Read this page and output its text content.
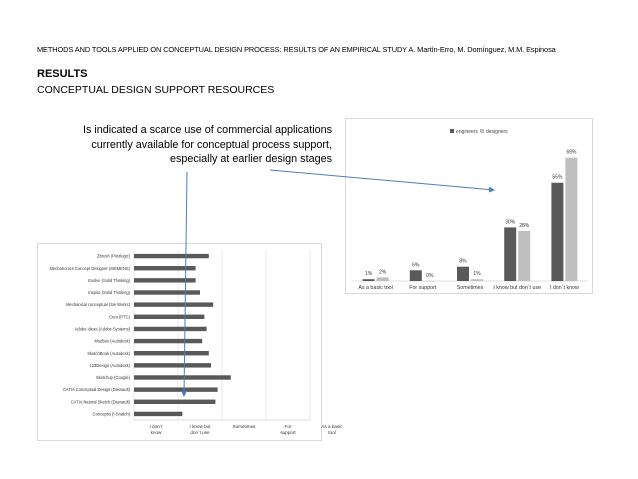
METHODS AND TOOLS APPLIED ON CONCEPTUAL DESIGN PROCESS: RESULTS OF AN EMPIRICAL STUDY A. Martín-Erro, M. Domínguez, M.M. Espinosa
RESULTS
CONCEPTUAL DESIGN SUPPORT RESOURCES
Is indicated a scarce use of commercial applications currently available for conceptual process support, especially at earlier design stages
engineers designers
1% 2%
As a basic tool
6%
0%
For support
8%
1%
Sometimes
30%
28%
I know but don´t use
55%
69%
I don´t know
Zbrush (Pixologic)
Mechatronics Concept Designer (SIEMENS)
Evolve (Solid Thinking)
Inspire (Solid Thinking)
Mechanical conceptual (Sw Works)
Creo (PTC)
Adobe ideas (Adobe Systems)
Mudbox (Autodesk)
SketchBook (Autodesk)
123Design (Autodesk)
Sketchup (Google)
CATIA Conceptual Design (Dassault)
CATIA Natural Sketch (Dassault)
Conceptis (I-Snatch)
I don´t know
I know but don´t use
Sometimes	For support
As a basic tool
